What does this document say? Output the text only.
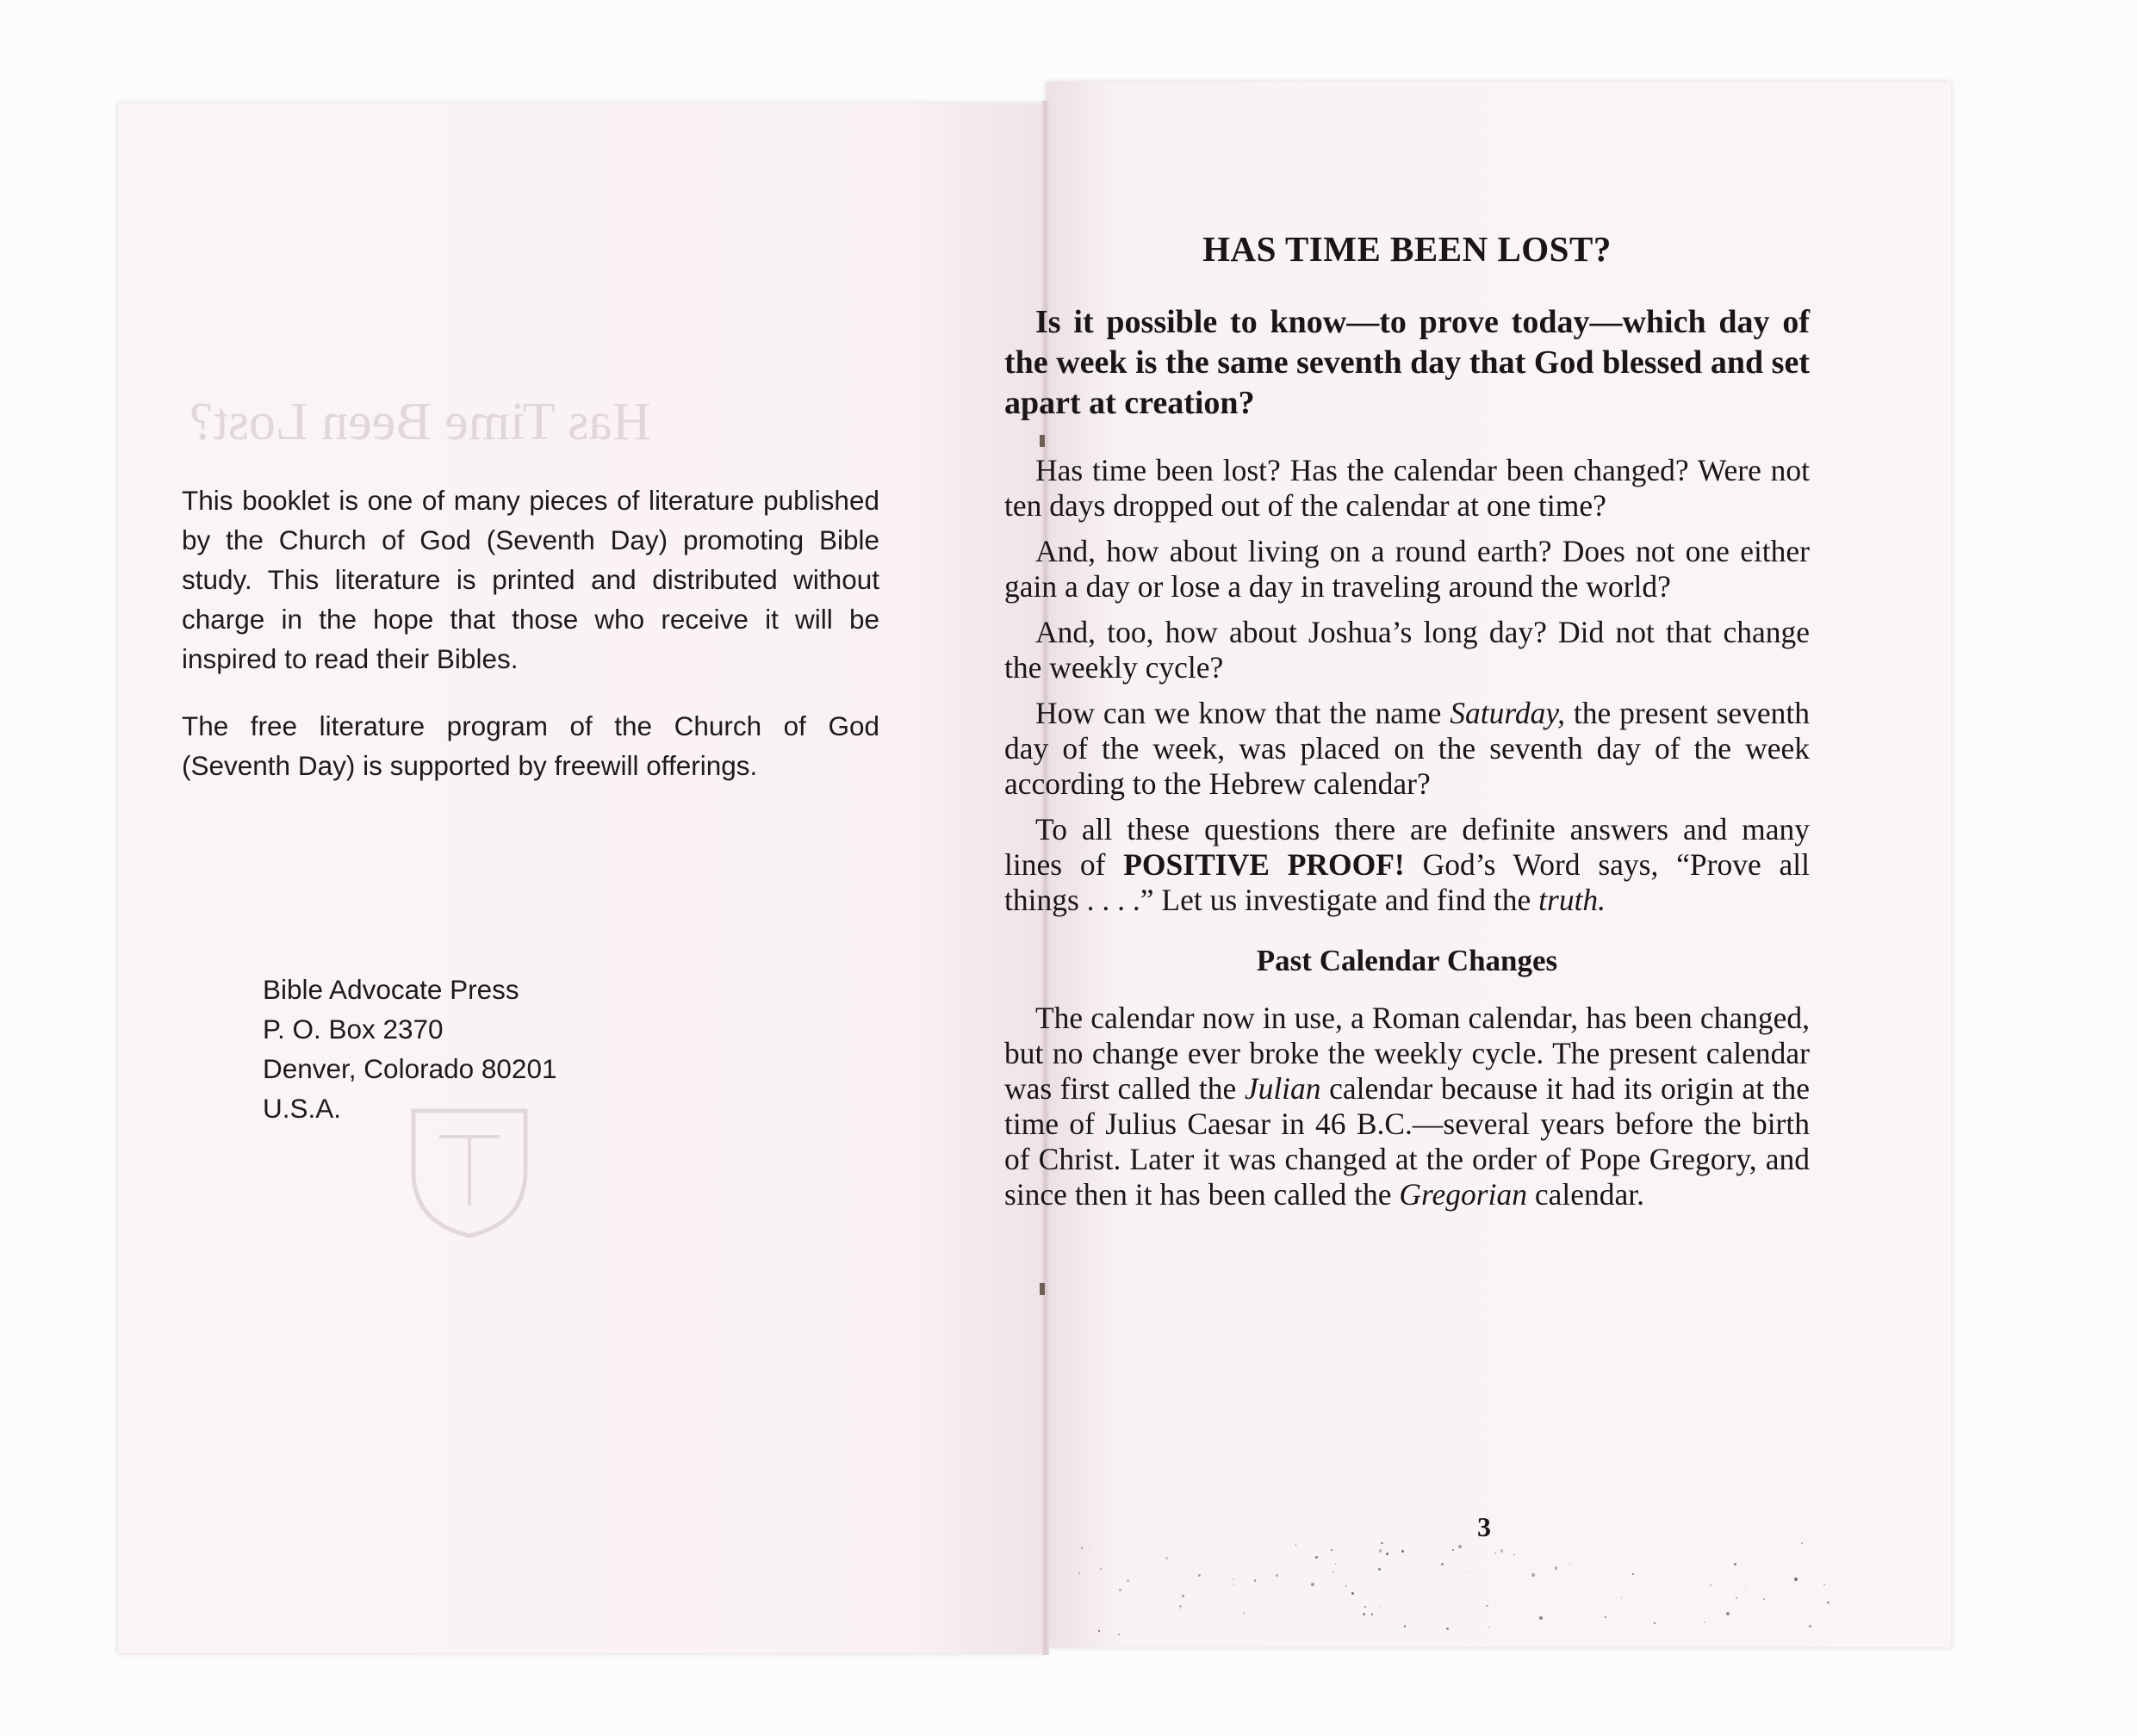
Has Time Been Lost?

This booklet is one of many pieces of literature published by the Church of God (Seventh Day) promoting Bible study. This literature is printed and distributed without charge in the hope that those who receive it will be inspired to read their Bibles.

The free literature program of the Church of God (Seventh Day) is supported by freewill offerings.

Bible Advocate Press
P. O. Box 2370
Denver, Colorado 80201
U.S.A.
HAS TIME BEEN LOST?

Is it possible to know—to prove today—which day of the week is the same seventh day that God blessed and set apart at creation?

Has time been lost? Has the calendar been changed? Were not ten days dropped out of the calendar at one time?

And, how about living on a round earth? Does not one either gain a day or lose a day in traveling around the world?

And, too, how about Joshua’s long day? Did not that change the weekly cycle?

How can we know that the name Saturday, the present seventh day of the week, was placed on the seventh day of the week according to the Hebrew calendar?

To all these questions there are definite answers and many lines of POSITIVE PROOF! God’s Word says, “Prove all things . . . .” Let us investigate and find the truth.

Past Calendar Changes

The calendar now in use, a Roman calendar, has been changed, but no change ever broke the weekly cycle. The present calendar was first called the Julian calendar because it had its origin at the time of Julius Caesar in 46 B.C.—several years before the birth of Christ. Later it was changed at the order of Pope Gregory, and since then it has been called the Gregorian calendar.

3
